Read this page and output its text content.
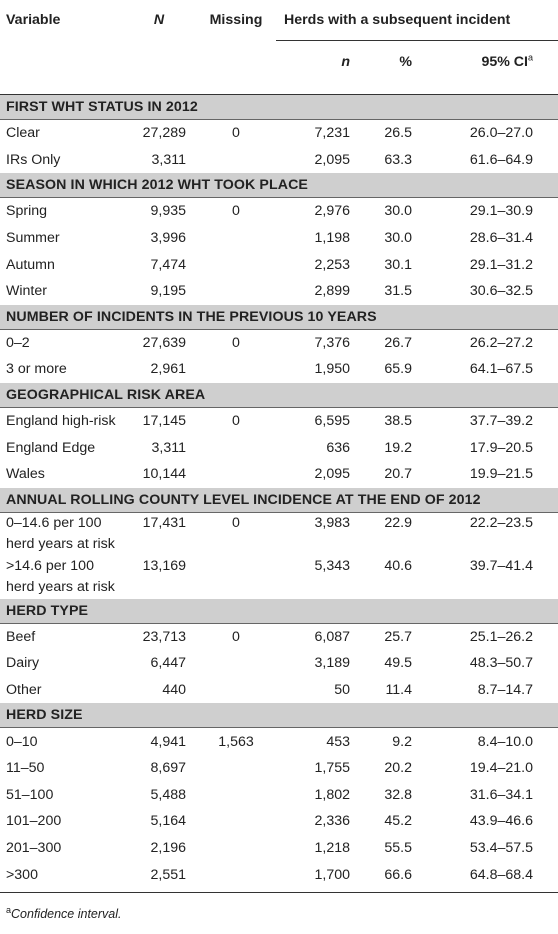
Variable	N	Missing	Herds with a subsequent incident		
			n	%	95% $CI^a$

FIRST WHT STATUS IN 2012					
Clear	27,289	0	7,231	26.5	26.0–27.0
IRs Only	3,311		2,095	63.3	61.6–64.9
SEASON IN WHICH 2012 WHT TOOK PLACE					
Spring	9,935	0	2,976	30.0	29.1–30.9
Summer	3,996		1,198	30.0	28.6–31.4
Autumn	7,474		2,253	30.1	29.1–31.2
Winter	9,195		2,899	31.5	30.6–32.5
NUMBER OF INCIDENTS IN THE PREVIOUS 10 YEARS					
0–2	27,639	0	7,376	26.7	26.2–27.2
3 or more	2,961		1,950	65.9	64.1–67.5
GEOGRAPHICAL RISK AREA					
England high-risk	17,145	0	6,595	38.5	37.7–39.2
England Edge	3,311		636	19.2	17.9–20.5
Wales	10,144		2,095	20.7	19.9–21.5
ANNUAL ROLLING COUNTY LEVEL INCIDENCE AT THE END OF 2012					
0–14.6 per 100	17,431	0	3,983	22.9	22.2–23.5
herd years at risk					
>14.6 per 100	13,169		5,343	40.6	39.7–41.4
herd years at risk					
HERD TYPE					
Beef	23,713	0	6,087	25.7	25.1–26.2
Dairy	6,447		3,189	49.5	48.3–50.7
Other	440		50	11.4	8.7–14.7
HERD SIZE					
0–10	4,941	1,563	453	9.2	8.4–10.0
11–50	8,697		1,755	20.2	19.4–21.0
51–100	5,488		1,802	32.8	31.6–34.1
101–200	5,164		2,336	45.2	43.9–46.6
201–300	2,196		1,218	55.5	53.4–57.5
>300	2,551		1,700	66.6	64.8–68.4

$^a$Confidence interval.
